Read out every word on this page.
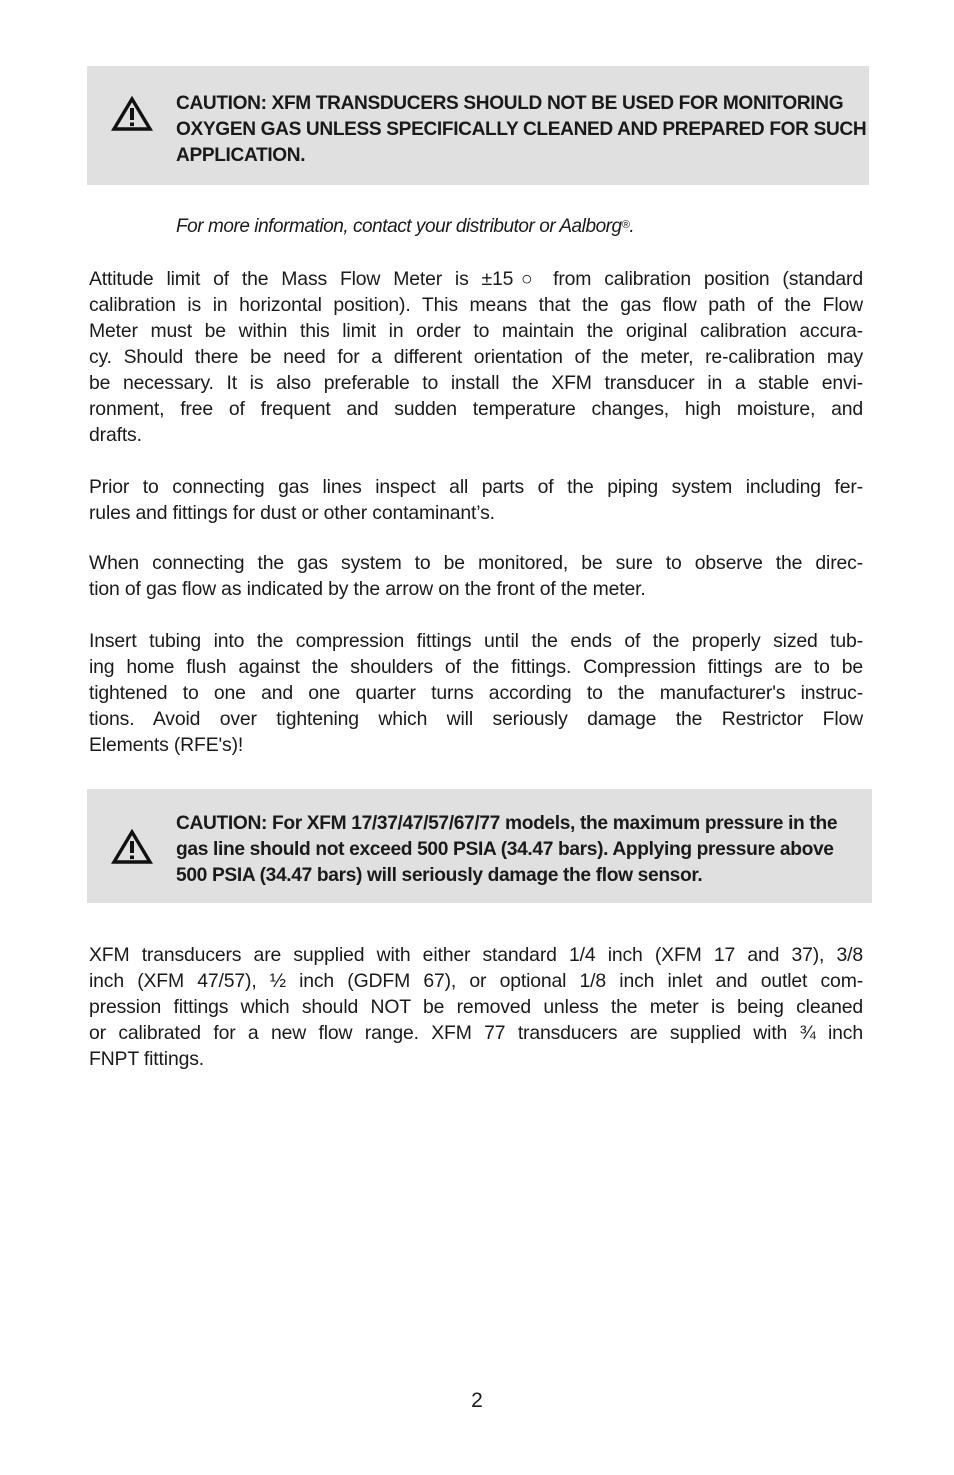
CAUTION: XFM TRANSDUCERS SHOULD NOT BE USED FOR MONITORING
OXYGEN GAS UNLESS SPECIFICALLY CLEANED AND PREPARED FOR SUCH
APPLICATION.
For more information, contact your distributor or Aalborg®.
Attitude limit of the Mass Flow Meter is ±15○ from calibration position (standard
calibration is in horizontal position). This means that the gas flow path of the Flow
Meter must be within this limit in order to maintain the original calibration accura-
cy. Should there be need for a different orientation of the meter, re-calibration may
be necessary. It is also preferable to install the XFM transducer in a stable envi-
ronment, free of frequent and sudden temperature changes, high moisture, and
drafts.
Prior to connecting gas lines inspect all parts of the piping system including fer-
rules and fittings for dust or other contaminant’s.
When connecting the gas system to be monitored, be sure to observe the direc-
tion of gas flow as indicated by the arrow on the front of the meter.
Insert tubing into the compression fittings until the ends of the properly sized tub-
ing home flush against the shoulders of the fittings. Compression fittings are to be
tightened to one and one quarter turns according to the manufacturer's instruc-
tions. Avoid over tightening which will seriously damage the Restrictor Flow
Elements (RFE's)!
CAUTION: For XFM 17/37/47/57/67/77 models, the maximum pressure in the
gas line should not exceed 500 PSIA (34.47 bars). Applying pressure above
500 PSIA (34.47 bars) will seriously damage the flow sensor.
XFM transducers are supplied with either standard 1/4 inch (XFM 17 and 37), 3/8
inch (XFM 47/57), ½ inch (GDFM 67), or optional 1/8 inch inlet and outlet com-
pression fittings which should NOT be removed unless the meter is being cleaned
or calibrated for a new flow range. XFM 77 transducers are supplied with ¾ inch
FNPT fittings.
2
